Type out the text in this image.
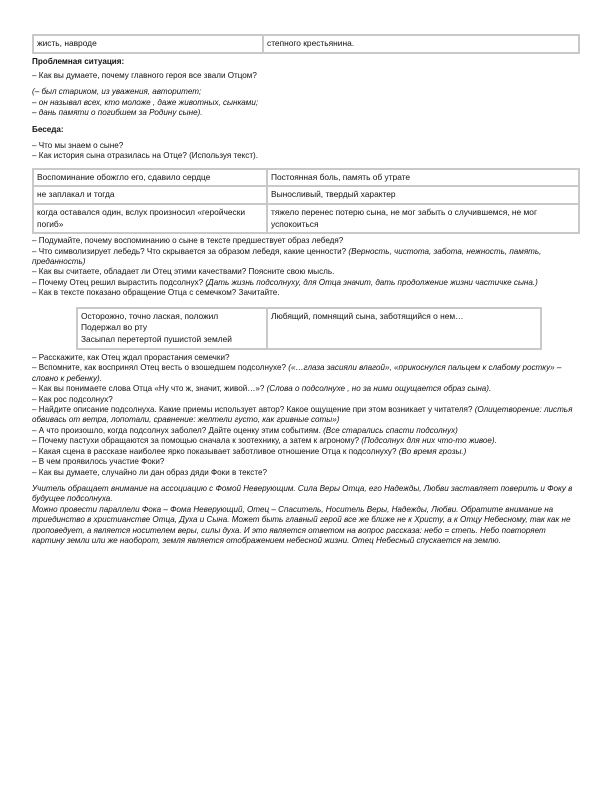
жисть, навроде	степного крестьянина.

Проблемная ситуация:

– Как вы думаете, почему главного героя все звали Отцом?

(– был стариком, из уважения, авторитет;

– он называл всех, кто моложе , даже животных, сынками;

– дань памяти о погибшем за Родину сыне).

Беседа:

– Что мы знаем о сыне?

– Как история сына отразилась на Отце? (Используя текст).

Воспоминание обожгло его, сдавило сердце	Постоянная боль, память об утрате
не заплакал и тогда	Выносливый, твердый характер
когда оставался один, вслух произносил «геройчески погиб»	тяжело перенес потерю сына, не мог забыть о случившемся, не мог успокоиться

– Подумайте, почему воспоминанию о сыне в тексте предшествует образ лебедя?

– Что символизирует лебедь? Что скрывается за образом лебедя, какие ценности? (Верность, чистота, забота, нежность, память, преданность)

– Как вы считаете, обладает ли Отец этими качествами? Поясните свою мысль.

– Почему Отец решил вырастить подсолнух? (Дать жизнь подсолнуху, для Отца значит, дать продолжение жизни частичке сына.)

– Как в тексте показано обращение Отца с семечком? Зачитайте.

Осторожно, точно лаская, положил
Подержал во рту
Засыпал перетертой пушистой землей
	Любящий, помнящий сына, заботящийся о нем…

– Расскажите, как Отец ждал прорастания семечки?

– Вспомните, как воспринял Отец весть о взошедшем подсолнухе? («…глаза засияли влагой», «прикоснулся пальцем к слабому ростку» – словно к ребенку).

– Как вы понимаете слова Отца «Ну что ж, значит, живой…»? (Слова о подсолнухе , но за ними ощущается образ сына).

– Как рос подсолнух?

– Найдите описание подсолнуха. Какие приемы использует автор? Какое ощущение при этом возникает у читателя? (Олицетворение: листья обвивась от ветра, лопотали, сравнение: желтели густо, как гривные соты»)

– А что произошло, когда подсолнух заболел? Дайте оценку этим событиям. (Все старались спасти подсолнух)

– Почему пастухи обращаются за помощью сначала к зоотехнику, а затем к агроному? (Подсолнух для них что-то живое).

– Какая сцена в рассказе наиболее ярко показывает заботливое отношение Отца к подсолнуху? (Во время грозы.)

– В чем проявилось участие Фоки?

– Как вы думаете, случайно ли дан образ дяди Фоки в тексте?

Учитель обращает внимание на ассоциацию с Фомой Неверующим. Сила Веры Отца, его Надежды, Любви заставляет поверить и Фоку в будущее подсолнуха.

Можно провести параллели Фока – Фома Неверующий, Отец – Спаситель, Носитель Веры, Надежды, Любви. Обратите внимание на триединство в христианстве Отца, Духа и Сына. Может быть главный герой все же ближе не к Христу, а к Отцу Небесному, так как не проповедует, а является носителем веры, силы духа. И это является ответом на вопрос рассказа: небо = степь. Небо повторяет картину земли или же наоборот, земля является отображением небесной жизни. Отец Небесный спускается на землю.
